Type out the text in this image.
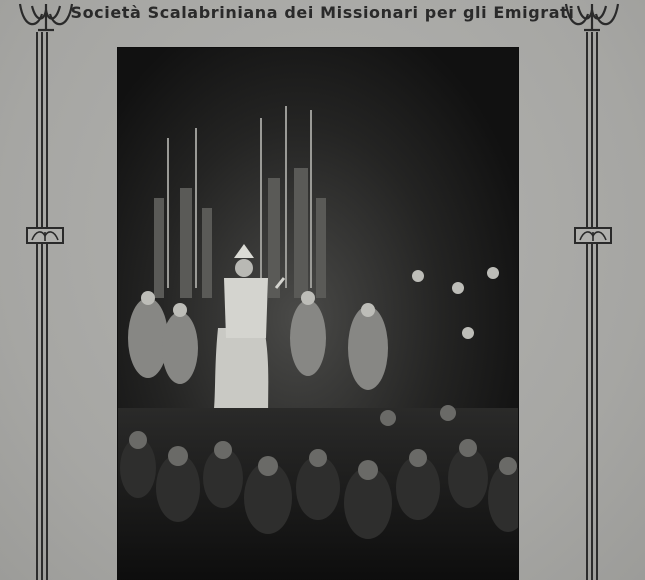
Società Scalabriniana dei Missionari per gli Emigrati
